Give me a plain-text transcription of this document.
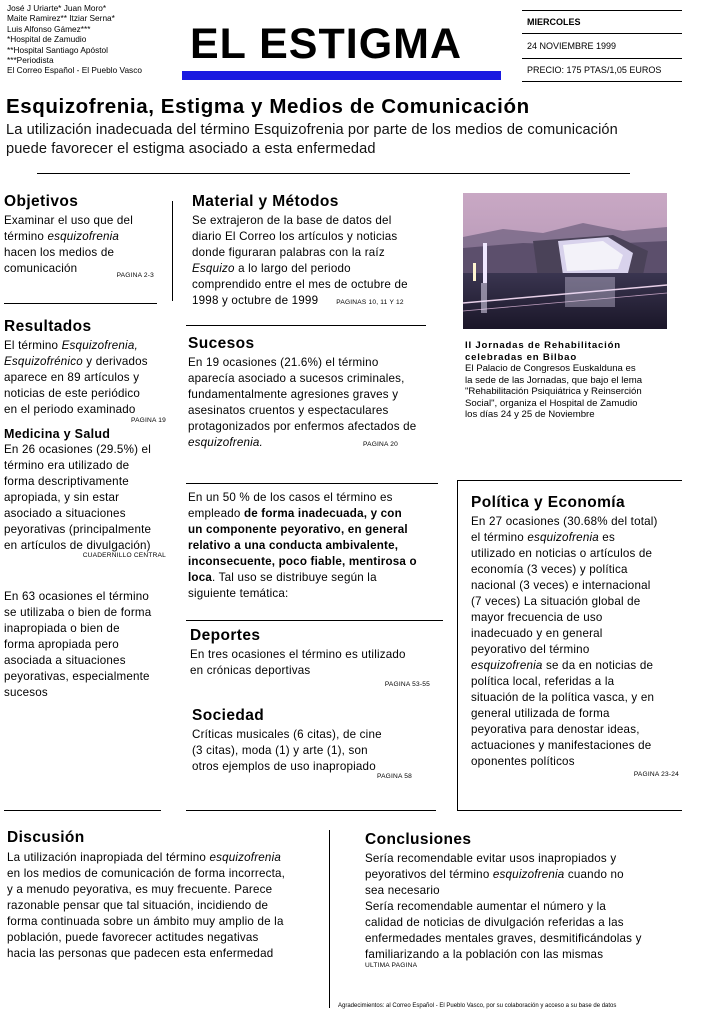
José J Uriarte* Juan Moro*
Maite Ramirez** Itziar Serna*
Luis Alfonso Gámez***
*Hospital de Zamudio
**Hospital Santiago Apóstol
***Periodista
El Correo Español - El Pueblo Vasco
EL ESTIGMA	MIERCOLES
24 NOVIEMBRE 1999
PRECIO: 175 PTAS/1,05 EUROS
Esquizofrenia, Estigma y Medios de Comunicación
La utilización inadecuada del término Esquizofrenia por parte de los medios de comunicación
puede favorecer el estigma asociado a esta enfermedad
Objetivos
Examinar el uso que del
término esquizofrenia
hacen los medios de
comunicación
PAGINA 2-3
Resultados
El término Esquizofrenia,
Esquizofrénico y derivados
aparece en 89 artículos y
noticias de este periódico
en el periodo examinado
PAGINA 19
Medicina y Salud
En 26 ocasiones (29.5%) el
término era utilizado de
forma descriptivamente
apropiada, y sin estar
asociado a situaciones
peyorativas (principalmente
en artículos de divulgación)
CUADERNILLO CENTRAL
En 63 ocasiones el término
se utilizaba o bien de forma
inapropiada o bien de
forma apropiada pero
asociada a situaciones
peyorativas, especialmente
sucesos
Material y Métodos
Se extrajeron de la base de datos del
diario El Correo los artículos y noticias
donde figuraran palabras con la raíz
Esquizo a lo largo del periodo
comprendido entre el mes de octubre de
1998 y octubre de 1999	PAGINAS 10, 11 Y 12
Sucesos
En 19 ocasiones (21.6%) el término
aparecía asociado a sucesos criminales,
fundamentalmente agresiones graves y
asesinatos cruentos y espectaculares
protagonizados por enfermos afectados de
esquizofrenia.	PAGINA 20
En un 50 % de los casos el término es
empleado de forma inadecuada, y con
un componente peyorativo, en general
relativo a una conducta ambivalente,
inconsecuente, poco fiable, mentirosa o
loca. Tal uso se distribuye según la
siguiente temática:
Deportes
En tres ocasiones el término es utilizado
en crónicas deportivas
PAGINA 53-55
Sociedad
Críticas musicales (6 citas), de cine
(3 citas), moda (1) y arte (1), son
otros ejemplos de uso inapropiado
PAGINA 58
II Jornadas de Rehabilitación
celebradas en Bilbao
El Palacio de Congresos Euskalduna es
la sede de las Jornadas, que bajo el lema
"Rehabilitación Psiquiátrica y Reinserción
Social", organiza el Hospital de Zamudio
los días 24 y 25 de Noviembre
Política y Economía
En 27 ocasiones (30.68% del total)
el término esquizofrenia es
utilizado en noticias o artículos de
economía (3 veces) y política
nacional (3 veces) e internacional
(7 veces) La situación global de
mayor frecuencia de uso
inadecuado y en general
peyorativo del término
esquizofrenia se da en noticias de
política local, referidas a la
situación de la política vasca, y en
general utilizada de forma
peyorativa para denostar ideas,
actuaciones y manifestaciones de
oponentes políticos
PAGINA 23-24
Discusión
La utilización inapropiada del término esquizofrenia
en los medios de comunicación de forma incorrecta,
y a menudo peyorativa, es muy frecuente. Parece
razonable pensar que tal situación, incidiendo de
forma continuada sobre un ámbito muy amplio de la
población, puede favorecer actitudes negativas
hacia las personas que padecen esta enfermedad
Conclusiones
Sería recomendable evitar usos inapropiados y
peyorativos del término esquizofrenia cuando no
sea necesario
Sería recomendable aumentar el número y la
calidad de noticias de divulgación referidas a las
enfermedades mentales graves, desmitificándolas y
familiarizando a la población con las mismas
ULTIMA PAGINA
Agradecimientos: al Correo Español - El Pueblo Vasco, por su colaboración y acceso a su base de datos
